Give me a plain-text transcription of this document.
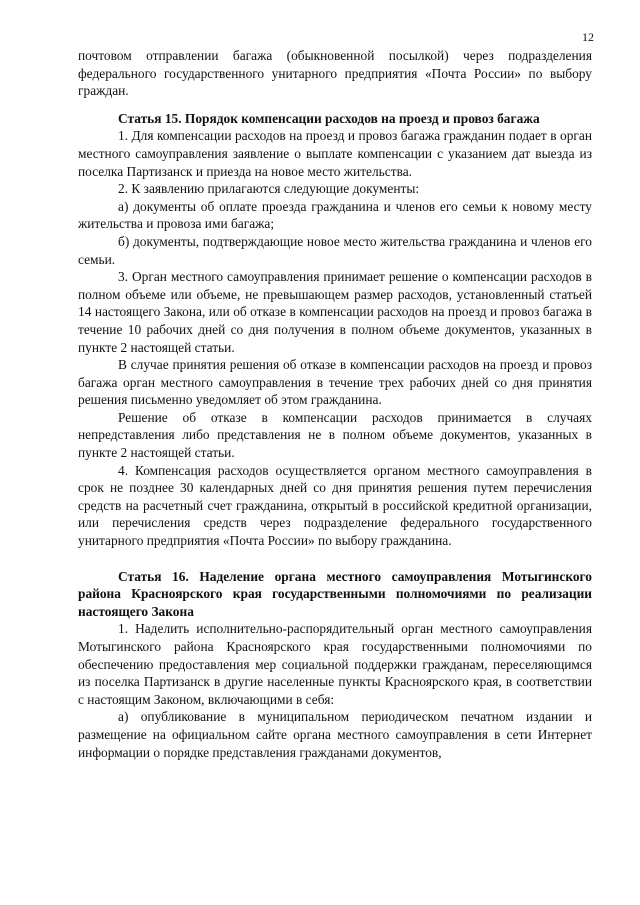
12

почтовом отправлении багажа (обыкновенной посылкой) через подразделения федерального государственного унитарного предприятия «Почта России» по выбору граждан.

Статья 15. Порядок компенсации расходов на проезд и провоз багажа

1. Для компенсации расходов на проезд и провоз багажа гражданин подает в орган местного самоуправления заявление о выплате компенсации с указанием дат выезда из поселка Партизанск и приезда на новое место жительства.

2. К заявлению прилагаются следующие документы:

а) документы об оплате проезда гражданина и членов его семьи к новому месту жительства и провоза ими багажа;

б) документы, подтверждающие новое место жительства гражданина и членов его семьи.

3. Орган местного самоуправления принимает решение о компенсации расходов в полном объеме или объеме, не превышающем размер расходов, установленный статьей 14 настоящего Закона, или об отказе в компенсации расходов на проезд и провоз багажа в течение 10 рабочих дней со дня получения в полном объеме документов, указанных в пункте 2 настоящей статьи.

В случае принятия решения об отказе в компенсации расходов на проезд и провоз багажа орган местного самоуправления в течение трех рабочих дней со дня принятия решения письменно уведомляет об этом гражданина.

Решение об отказе в компенсации расходов принимается в случаях непредставления либо представления не в полном объеме документов, указанных в пункте 2 настоящей статьи.

4. Компенсация расходов осуществляется органом местного самоуправления в срок не позднее 30 календарных дней со дня принятия решения путем перечисления средств на расчетный счет гражданина, открытый в российской кредитной организации, или перечисления средств через подразделение федерального государственного унитарного предприятия «Почта России» по выбору гражданина.

Статья 16. Наделение органа местного самоуправления Мотыгинского района Красноярского края государственными полномочиями по реализации настоящего Закона

1. Наделить исполнительно-распорядительный орган местного самоуправления Мотыгинского района Красноярского края государственными полномочиями по обеспечению предоставления мер социальной поддержки гражданам, переселяющимся из поселка Партизанск в другие населенные пункты Красноярского края, в соответствии с настоящим Законом, включающими в себя:

а) опубликование в муниципальном периодическом печатном издании и размещение на официальном сайте органа местного самоуправления в сети Интернет информации о порядке представления гражданами документов,
